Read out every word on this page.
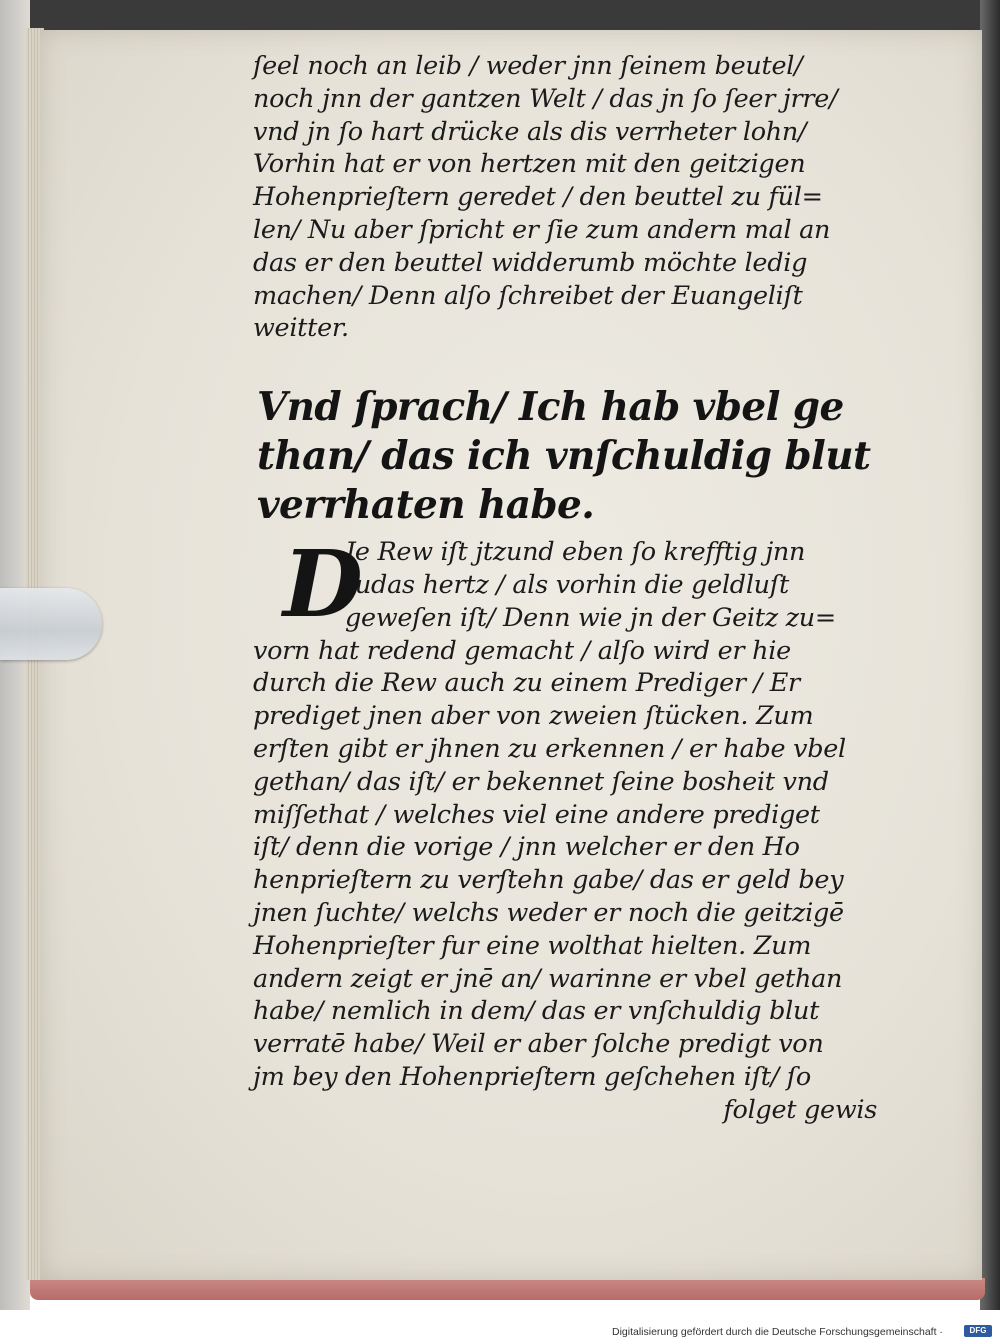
ſeel noch an leib / weder jnn ſeinem beutel/
noch jnn der gantzen Welt / das jn ſo ſeer jrre/
vnd jn ſo hart drücke als dis verrheter lohn/
Vorhin hat er von hertzen mit den geitzigen
Hohenprieſtern geredet / den beuttel zu fül=
len/ Nu aber ſpricht er ſie zum andern mal an
das er den beuttel widderumb möchte ledig
machen/ Denn alſo ſchreibet der Euangeliſt
weitter.
Vnd ſprach/ Ich hab vbel ge
than/ das ich vnſchuldig blut
verrhaten habe.
D
Je Rew iſt jtzund eben ſo krefftig jnn
Judas hertz / als vorhin die geldluſt
geweſen iſt/ Denn wie jn der Geitz zu=
vorn hat redend gemacht / alſo wird er hie
durch die Rew auch zu einem Prediger / Er
prediget jnen aber von zweien ſtücken. Zum
erſten gibt er jhnen zu erkennen / er habe vbel
gethan/ das iſt/ er bekennet ſeine bosheit vnd
miſſethat / welches viel eine andere prediget
iſt/ denn die vorige / jnn welcher er den Ho
henprieſtern zu verſtehn gabe/ das er geld bey
jnen ſuchte/ welchs weder er noch die geitzigē
Hohenprieſter fur eine wolthat hielten. Zum
andern zeigt er jnē an/ warinne er vbel gethan
habe/ nemlich in dem/ das er vnſchuldig blut
verratē habe/ Weil er aber ſolche predigt von
jm bey den Hohenprieſtern geſchehen iſt/ ſo
folget gewis
Digitalisierung gefördert durch die Deutsche Forschungsgemeinschaft ·	DFG
